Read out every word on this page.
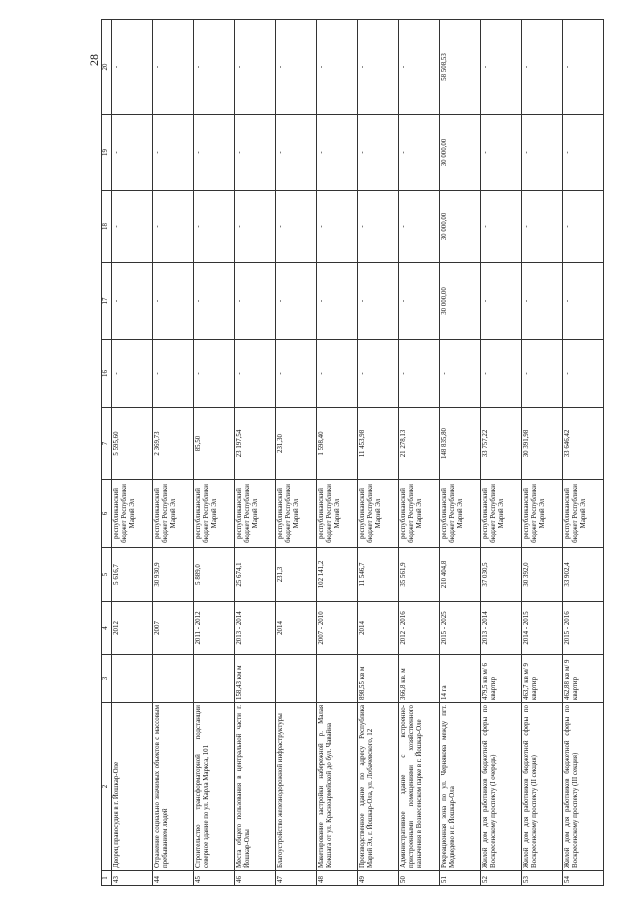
28
1	2	3	4	5	6	7	16	17	18	19	20
43	Дворец правосудия в г. Йошкар-Оле		2012	5 616,7	республиканский бюджет Республики Марий Эл	5 595,60	-	-	-	-	-
44	Отражение социально значимых объектов с массовым пребыванием людей		2007	30 930,9	республиканский бюджет Республики Марий Эл	2 369,73	-	-	-	-	-
45	Строительство трансформаторной подстанции северное здание по ул. Карла Маркса, 101		2011 - 2012	5 889,0	республиканский бюджет Республики Марий Эл	85,50	-	-	-	-	-
46	Места общего пользования в центральной части г. Йошкар-Олы	158,43 км м	2013 - 2014	25 674,1	республиканский бюджет Республики Марий Эл	23 197,54	-	-	-	-	-
47	Благоустройство железнодорожной инфраструктуры		2014	231,3	республиканский бюджет Республики Марий Эл	231,30	-	-	-	-	-
48	Макетирование застройки набережной р. Малая Кокшага от ул. Красноармейской до бул. Чавайна		2007 - 2010	102 141,2	республиканский бюджет Республики Марий Эл	1 598,40	-	-	-	-	-
49	Производственное здание по адресу Республика Марий Эл, г. Йошкар-Ола, ул. Лобачевского, 12	898,55 кв м	2014	11 546,7	республиканский бюджет Республики Марий Эл	11 453,98	-	-	-	-	-
50	Административное здание с встроенно-пристроенными помещениями хозяйственного назначения в Вознесенском парке в г. Йошкар-Оле	366,8 кв. м	2012 - 2016	35 561,9	республиканский бюджет Республики Марий Эл	21 278,13	-	-	-	-	-
51	Рекреационная зона по ул. Чернякова между пгт. Медведево и г. Йошкар-Ола	14 га	2015 - 2025	210 404,8	республиканский бюджет Республики Марий Эл	148 835,80	-	30 000,00	30 000,00	30 000,00	58 508,53
52	Жилой дом для работников бюджетной сферы по Воскресенскому проспекту (I очередь)	479,5 кв м/ 6 квартир	2013 - 2014	37 030,5	республиканский бюджет Республики Марий Эл	33 757,22	-	-	-	-	-
53	Жилой дом для работников бюджетной сферы по Воскресенскому проспекту (II секция)	463,7 кв м/ 9 квартир	2014 - 2015	30 392,0	республиканский бюджет Республики Марий Эл	30 391,98	-	-	-	-	-
54	Жилой дом для работников бюджетной сферы по Воскресенскому проспекту (III секция)	462,88 кв м/ 9 квартир	2015 - 2016	33 902,4	республиканский бюджет Республики Марий Эл	33 646,42	-	-	-	-	-
